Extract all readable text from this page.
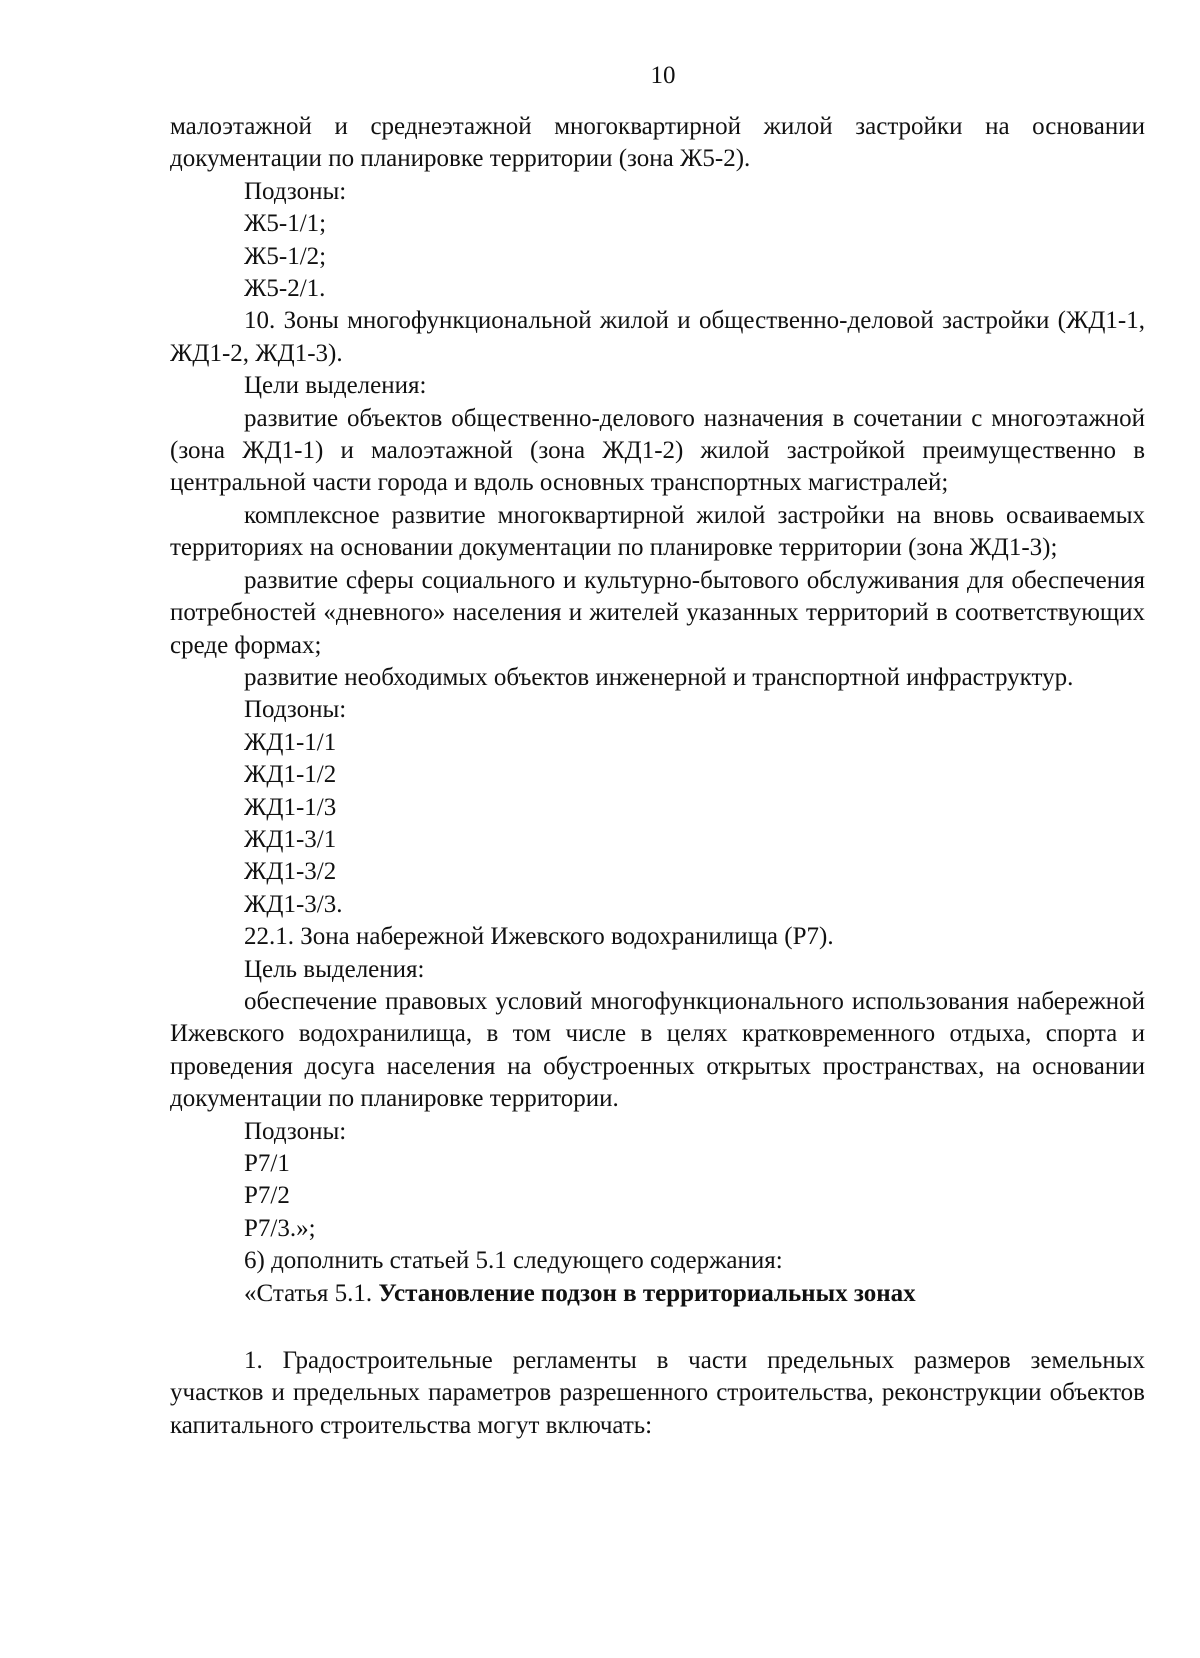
10

малоэтажной и среднеэтажной многоквартирной жилой застройки на основании документации по планировке территории (зона Ж5-2).

Подзоны:

Ж5-1/1;

Ж5-1/2;

Ж5-2/1.

10. Зоны многофункциональной жилой и общественно-деловой застройки (ЖД1-1, ЖД1-2, ЖД1-3).

Цели выделения:

развитие объектов общественно-делового назначения в сочетании с многоэтажной (зона ЖД1-1) и малоэтажной (зона ЖД1-2) жилой застройкой преимущественно в центральной части города и вдоль основных транспортных магистралей;

комплексное развитие многоквартирной жилой застройки на вновь осваиваемых территориях на основании документации по планировке территории (зона ЖД1-3);

развитие сферы социального и культурно-бытового обслуживания для обеспечения потребностей «дневного» населения и жителей указанных территорий в соответствующих среде формах;

развитие необходимых объектов инженерной и транспортной инфраструктур.

Подзоны:

ЖД1-1/1

ЖД1-1/2

ЖД1-1/3

ЖД1-3/1

ЖД1-3/2

ЖД1-3/3.

22.1. Зона набережной Ижевского водохранилища (Р7).

Цель выделения:

обеспечение правовых условий многофункционального использования набережной Ижевского водохранилища, в том числе в целях кратковременного отдыха, спорта и проведения досуга населения на обустроенных открытых пространствах, на основании документации по планировке территории.

Подзоны:

Р7/1

Р7/2

Р7/3.»;

6) дополнить статьей 5.1 следующего содержания:

«Статья 5.1. Установление подзон в территориальных зонах

1. Градостроительные регламенты в части предельных размеров земельных участков и предельных параметров разрешенного строительства, реконструкции объектов капитального строительства могут включать:
